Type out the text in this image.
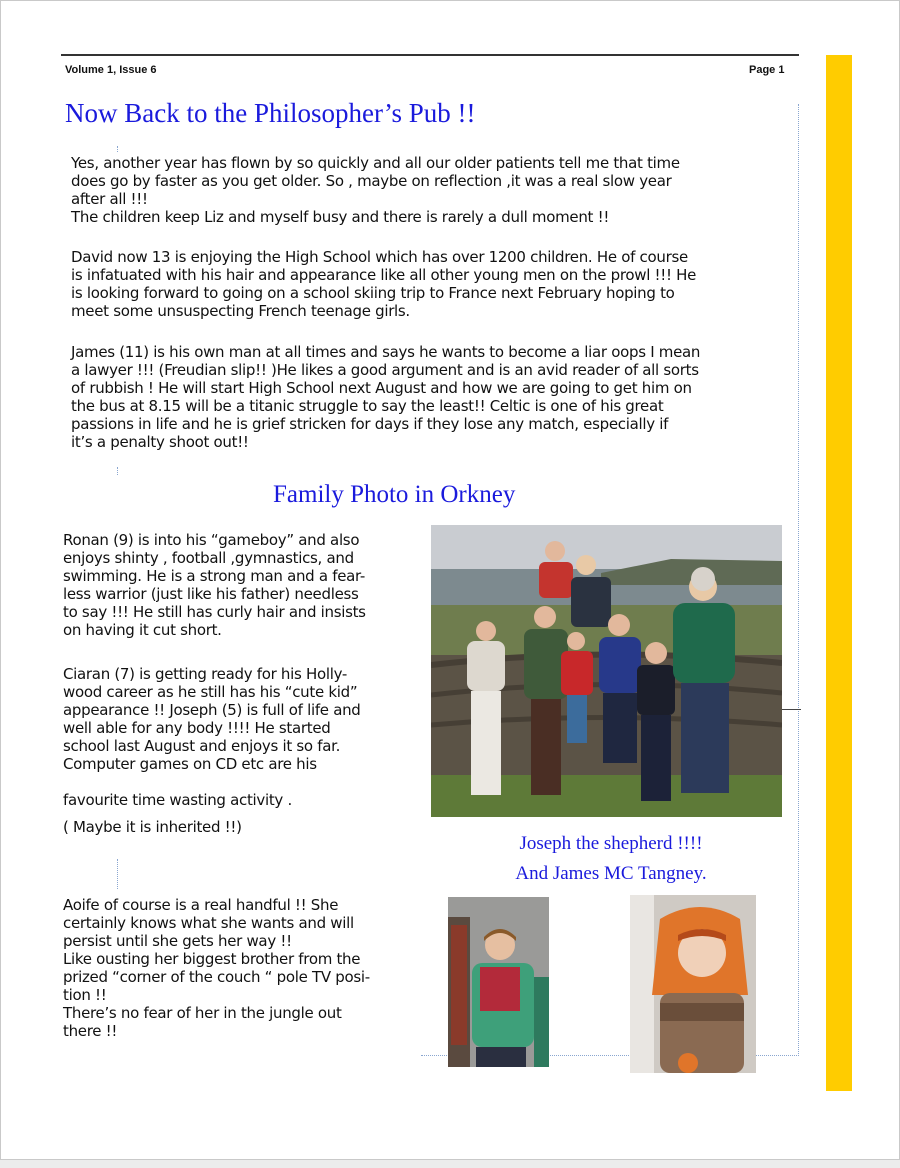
Volume 1, Issue 6	Page 1
Now Back to the Philosopher’s Pub !!
Yes, another year has flown by so quickly and all our older patients tell me that time
does go by faster as you get older. So , maybe on reflection ,it was a real slow year
after all !!!
The children keep Liz and myself busy and there is rarely a dull moment !!
David now 13 is enjoying the High School which has over 1200 children. He of course
is infatuated with his hair and appearance like all other young men on the prowl !!! He
is looking forward to going on a school skiing trip to France next February hoping to
meet some unsuspecting French teenage girls.
James (11) is his own man at all times and says he wants to become a liar oops I mean
a lawyer !!! (Freudian slip!! )He likes a good argument and is an avid reader of all sorts
of rubbish ! He will start High School next August and how we are going to get him on
the bus at 8.15 will be a titanic struggle to say the least!! Celtic is one of his great
passions in life and he is grief stricken for days if they lose any match, especially if
it’s a penalty shoot out!!
Family Photo in Orkney
Ronan (9) is into his “gameboy” and also
enjoys shinty , football ,gymnastics, and
swimming. He is a strong man and a fear-
less warrior (just like his father) needless
to say !!! He still has curly hair and insists
on having it cut short.
Ciaran (7) is getting ready for his Holly-
wood career as he still has his “cute kid”
appearance !! Joseph (5) is full of life and
well able for any body !!!! He started
school last August and enjoys it so far.
Computer games on CD etc are his
favourite time wasting activity .
( Maybe it is inherited !!)
Aoife of course is a real handful !! She
certainly knows what she wants and will
persist until she gets her way !!
Like ousting her biggest brother from the
prized “corner of the couch “ pole TV posi-
tion !!
There’s no fear of her in the jungle out
there !!
Joseph the shepherd !!!!
And James MC Tangney.
